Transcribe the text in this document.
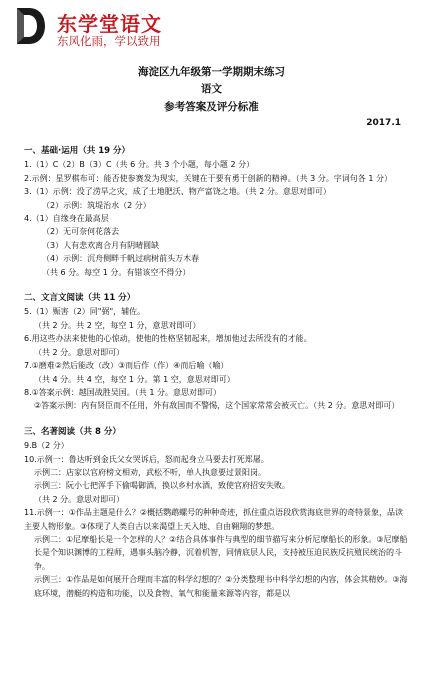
东学堂语文
东风化雨，学以致用
海淀区九年级第一学期期末练习
语文
参考答案及评分标准
2017.1
一、基础·运用（共 19 分）
1.（1）C（2）B（3）C（共 6 分。共 3 个小题，每小题 2 分）
2.示例：星罗棋布可：能否使参赛发为现实，关键在于要有勇于创新的精神。（共 3 分。字词句各 1 分）
3.（1）示例：没了涝旱之灾，成了土地肥沃、物产富饶之地。（共 2 分。意思对即可）
（2）示例：筑堤治水（2 分）
4.（1）自缘身在最高层
（2）无可奈何花落去
（3）人有悲欢离合月有阴晴圆缺
（4）示例：沉舟侧畔千帆过病树前头万木春
（共 6 分。每空 1 分。有错该空不得分）
二、文言文阅读（共 11 分）
5.（1）赈害（2）同"弼"，辅佐。
（共 2 分。共 2 空，每空 1 分，意思对即可）
6.用这些办法来使他的心惊动，使他的性格坚韧起来，增加他过去所没有的才能。
（共 2 分。意思对即可）
7.①磨难②然后能改（改）③而后作（作）④而后喻（喻）
（共 4 分。共 4 空，每空 1 分。第 1 空，意思对即可）
8.①答案示例：越国战胜吴国。（共 1 分。意思对即可）
②答案示例：内有贤臣而不任用，外有敌国而不警惕，这个国家常常会被灭亡。（共 2 分。意思对即可）
三、名著阅读（共 8 分）
9.B（2 分）
10.示例一：鲁达听到金氏父女哭诉后，怒而起身立马要去打死郑屠。
示例二：店家以官府榜文相劝，武松不听，单人执意要过景阳岗。
示例三：阮小七把浑手下偷喝御酒，换以乡村水酒，致使官府招安失败。
（共 2 分。意思对即可）
11.示例一：①作品主题是什么？②概括鹦鹉螺号的种种奇迹，抓住重点语段欣赏海底世界的奇特景象，品读主要人物形象。③体现了人类自古以来渴望上天入地、自由翱翔的梦想。
示例二：①尼摩船长是一个怎样的人？②结合具体事件与典型的细节描写来分析尼摩船长的形象。③尼摩船长是个知识渊博的工程师，遇事头脑冷静，沉着机智，同情底层人民，支持被压迫民族反抗殖民统治的斗争。
示例三：①作品是如何展开合理而丰富的科学幻想的？②分类整理书中科学幻想的内容，体会其精妙。③海底环境，潜艇的构造和功能，以及食物、氧气和能量来源等内容，都是以
